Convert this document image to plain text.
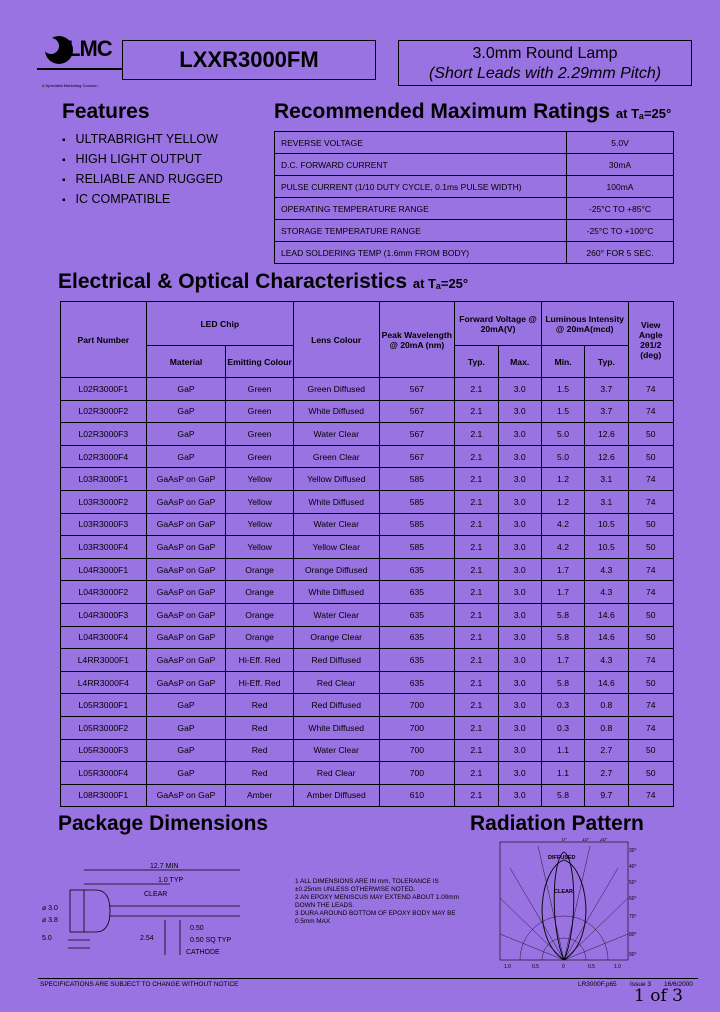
LMC
A Specialist Marketing Concern
LXXR3000FM	3.0mm Round Lamp
(Short Leads with 2.29mm Pitch)
Features
▪ ULTRABRIGHT YELLOW
▪ HIGH LIGHT OUTPUT
▪ RELIABLE AND RUGGED
▪ IC COMPATIBLE
Recommended Maximum Ratings at Tₐ=25°
REVERSE VOLTAGE	5.0V
D.C. FORWARD CURRENT	30mA
PULSE CURRENT (1/10 DUTY CYCLE, 0.1ms PULSE WIDTH)	100mA
OPERATING TEMPERATURE RANGE	-25°C TO +85°C
STORAGE TEMPERATURE RANGE	-25°C TO +100°C
LEAD SOLDERING TEMP (1.6mm FROM BODY)	260° FOR 5 SEC.
Electrical & Optical Characteristics at Tₐ=25°
Part Number	LED Chip		Lens Colour	Peak Wavelength @ 20mA (nm)	Forward Voltage @ 20mA(V)		Luminous Intensity @ 20mA(mcd)		View Angle 2θ1/2 (deg)
	Material	Emitting Colour			Typ.	Max.	Min.	Typ.	
L02R3000F1	GaP	Green	Green Diffused	567	2.1	3.0	1.5	3.7	74
L02R3000F2	GaP	Green	White Diffused	567	2.1	3.0	1.5	3.7	74
L02R3000F3	GaP	Green	Water Clear	567	2.1	3.0	5.0	12.6	50
L02R3000F4	GaP	Green	Green Clear	567	2.1	3.0	5.0	12.6	50
L03R3000F1	GaAsP on GaP	Yellow	Yellow Diffused	585	2.1	3.0	1.2	3.1	74
L03R3000F2	GaAsP on GaP	Yellow	White Diffused	585	2.1	3.0	1.2	3.1	74
L03R3000F3	GaAsP on GaP	Yellow	Water Clear	585	2.1	3.0	4.2	10.5	50
L03R3000F4	GaAsP on GaP	Yellow	Yellow Clear	585	2.1	3.0	4.2	10.5	50
L04R3000F1	GaAsP on GaP	Orange	Orange Diffused	635	2.1	3.0	1.7	4.3	74
L04R3000F2	GaAsP on GaP	Orange	White Diffused	635	2.1	3.0	1.7	4.3	74
L04R3000F3	GaAsP on GaP	Orange	Water Clear	635	2.1	3.0	5.8	14.6	50
L04R3000F4	GaAsP on GaP	Orange	Orange Clear	635	2.1	3.0	5.8	14.6	50
L4RR3000F1	GaAsP on GaP	Hi-Eff. Red	Red Diffused	635	2.1	3.0	1.7	4.3	74
L4RR3000F4	GaAsP on GaP	Hi-Eff. Red	Red Clear	635	2.1	3.0	5.8	14.6	50
L05R3000F1	GaP	Red	Red Diffused	700	2.1	3.0	0.3	0.8	74
L05R3000F2	GaP	Red	White Diffused	700	2.1	3.0	0.3	0.8	74
L05R3000F3	GaP	Red	Water Clear	700	2.1	3.0	1.1	2.7	50
L05R3000F4	GaP	Red	Red Clear	700	2.1	3.0	1.1	2.7	50
L08R3000F1	GaAsP on GaP	Amber	Amber Diffused	610	2.1	3.0	5.8	9.7	74
Package Dimensions
12.7 MIN
1.0 TYP
CLEAR
⌀ 3.0
⌀ 3.8
2.54
5.0
0.50
0.50 SQ TYP
CATHODE
1 ALL DIMENSIONS ARE IN mm, TOLERANCE IS ±0.25mm UNLESS OTHERWISE NOTED.
2 AN EPOXY MENISCUS MAY EXTEND ABOUT 1.00mm DOWN THE LEADS.
3 DURA AROUND BOTTOM OF EPOXY BODY MAY BE 0.5mm MAX
Radiation Pattern
DIFFUSED
CLEAR
0°	10° 20°
30°
40°
50°
60°
70°
80°
90°
1.0	0.5	0	0.5	1.0
SPECIFICATIONS ARE SUBJECT TO CHANGE WITHOUT NOTICE	LR3000F.p65 Issue 3 16/6/2000
1 of 3
